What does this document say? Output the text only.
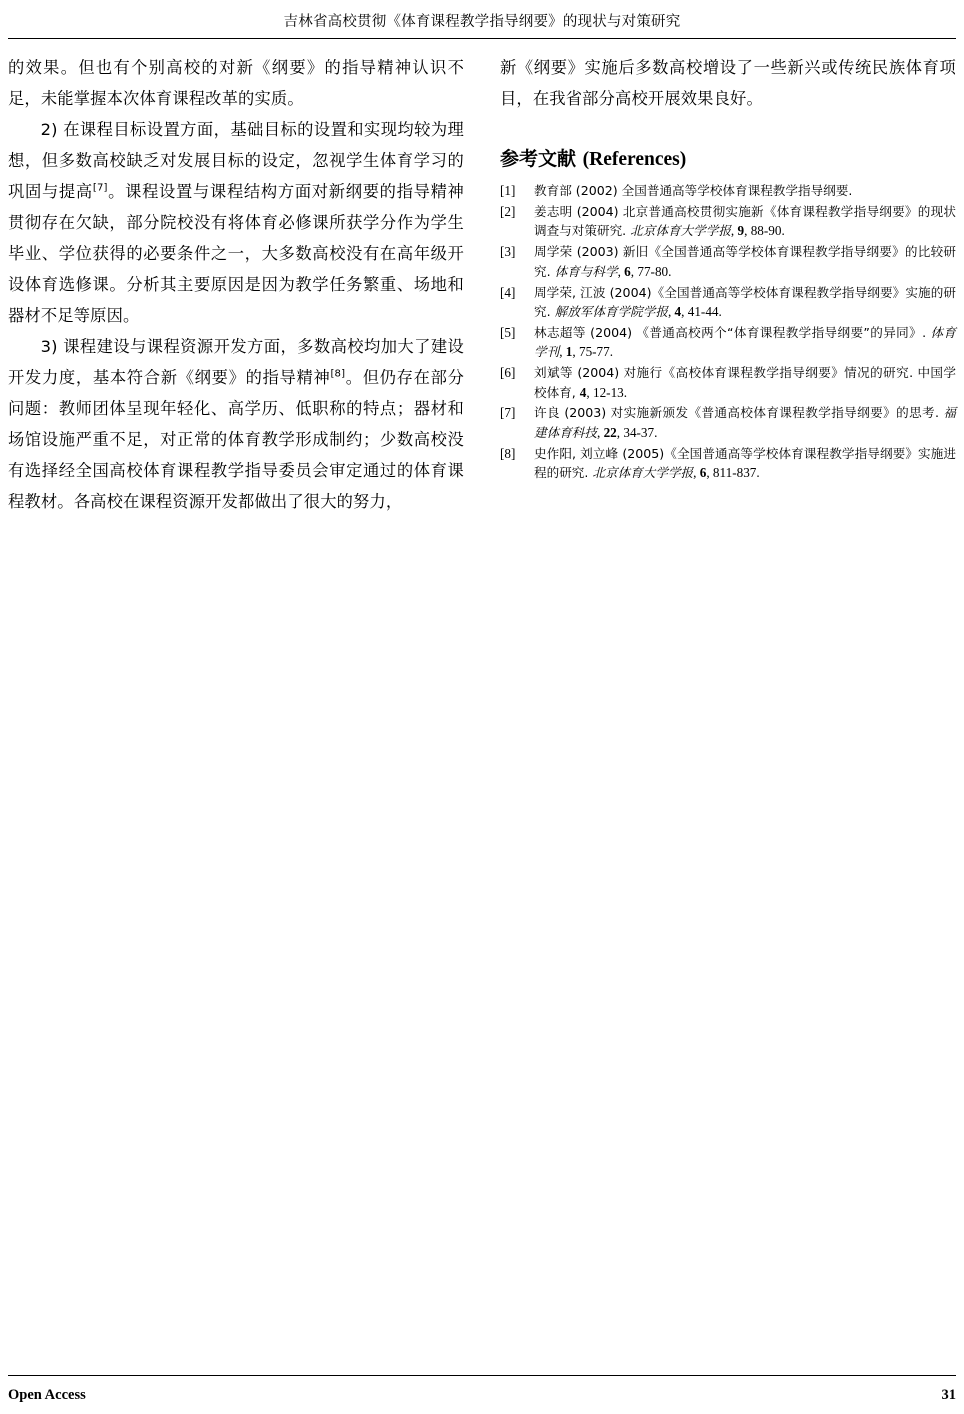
吉林省高校贯彻《体育课程教学指导纲要》的现状与对策研究

的效果。但也有个别高校的对新《纲要》的指导精神认识不足，未能掌握本次体育课程改革的实质。

2) 在课程目标设置方面，基础目标的设置和实现均较为理想，但多数高校缺乏对发展目标的设定，忽视学生体育学习的巩固与提高[7]。课程设置与课程结构方面对新纲要的指导精神贯彻存在欠缺，部分院校没有将体育必修课所获学分作为学生毕业、学位获得的必要条件之一，大多数高校没有在高年级开设体育选修课。分析其主要原因是因为教学任务繁重、场地和器材不足等原因。

3) 课程建设与课程资源开发方面，多数高校均加大了建设开发力度，基本符合新《纲要》的指导精神[8]。但仍存在部分问题：教师团体呈现年轻化、高学历、低职称的特点；器材和场馆设施严重不足，对正常的体育教学形成制约；少数高校没有选择经全国高校体育课程教学指导委员会审定通过的体育课程教材。各高校在课程资源开发都做出了很大的努力，

新《纲要》实施后多数高校增设了一些新兴或传统民族体育项目，在我省部分高校开展效果良好。

参考文献 (References)
[1]	教育部 (2002) 全国普通高等学校体育课程教学指导纲要.
[2]	姜志明 (2004) 北京普通高校贯彻实施新《体育课程教学指导纲要》的现状调查与对策研究. 北京体育大学学报, 9, 88-90.
[3]	周学荣 (2003) 新旧《全国普通高等学校体育课程教学指导纲要》的比较研究. 体育与科学, 6, 77-80.
[4]	周学荣, 江波 (2004)《全国普通高等学校体育课程教学指导纲要》实施的研究. 解放军体育学院学报, 4, 41-44.
[5]	林志超等 (2004) 《普通高校两个“体育课程教学指导纲要”的异同》. 体育学刊, 1, 75-77.
[6]	刘斌等 (2004) 对施行《高校体育课程教学指导纲要》情况的研究. 中国学校体育, 4, 12-13.
[7]	许良 (2003) 对实施新颁发《普通高校体育课程教学指导纲要》的思考. 福建体育科技, 22, 34-37.
[8]	史作阳, 刘立峰 (2005)《全国普通高等学校体育课程教学指导纲要》实施进程的研究. 北京体育大学学报, 6, 811-837.
Open Access	31
